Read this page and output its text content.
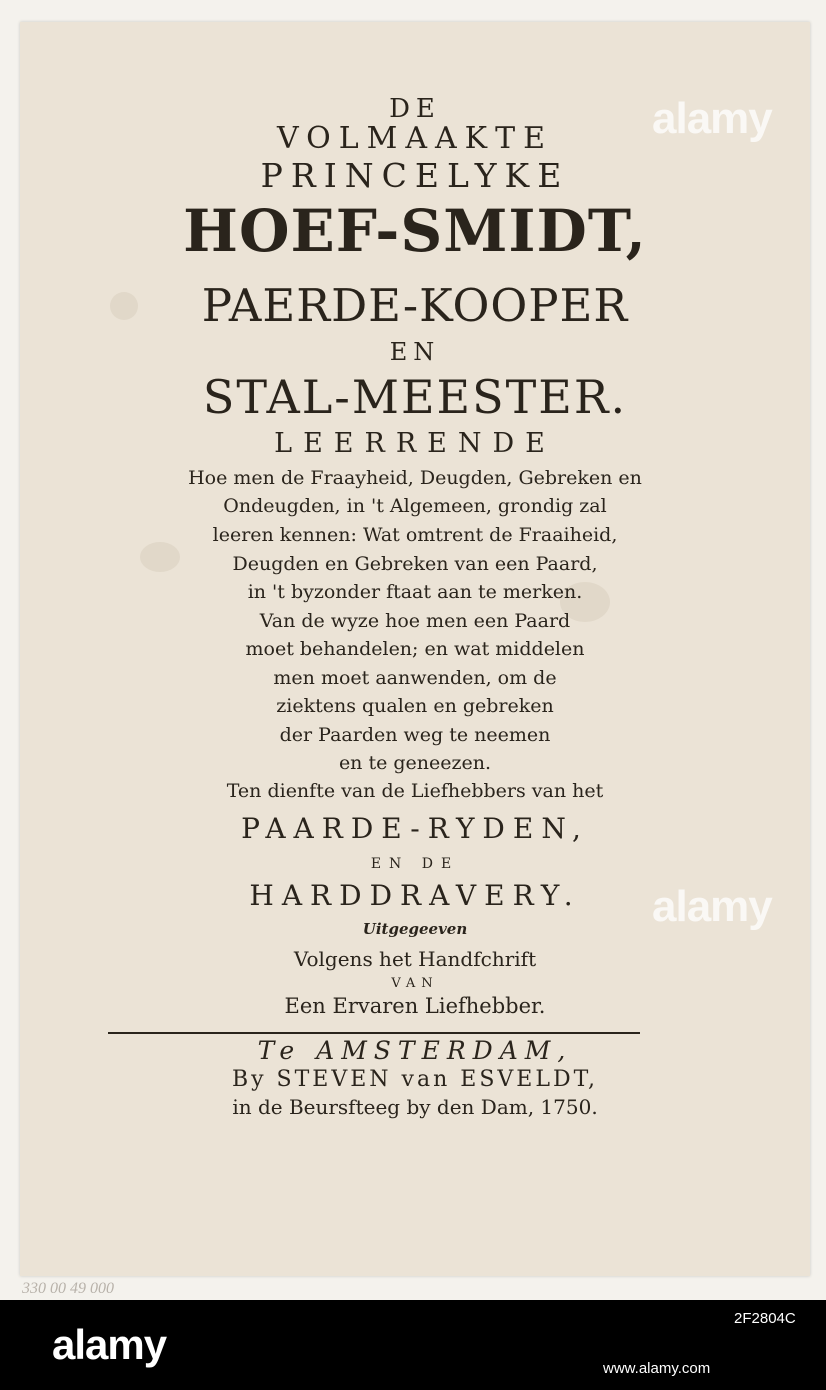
DE
VOLMAAKTE
PRINCELYKE
HOEF-SMIDT,
PAERDE-KOOPER
EN
STAL-MEESTER.
LEERRENDE
Hoe men de Fraayheid, Deugden, Gebreken en
Ondeugden, in 't Algemeen, grondig zal
leeren kennen: Wat omtrent de Fraaiheid,
Deugden en Gebreken van een Paard,
in 't byzonder ftaat aan te merken.
Van de wyze hoe men een Paard
moet behandelen; en wat middelen
men moet aanwenden, om de
ziektens qualen en gebreken
der Paarden weg te neemen
en te geneezen.
Ten dienfte van de Liefhebbers van het
PAARDE-RYDEN,
EN DE
HARDDRAVERY.
Uitgegeeven
Volgens het Handfchrift
VAN
Een Ervaren Liefhebber.
Te AMSTERDAM,
By STEVEN van ESVELDT,
in de Beursfteeg by den Dam, 1750.
alamy
alamy
330 00 49 000
alamy
2F2804C
www.alamy.com
